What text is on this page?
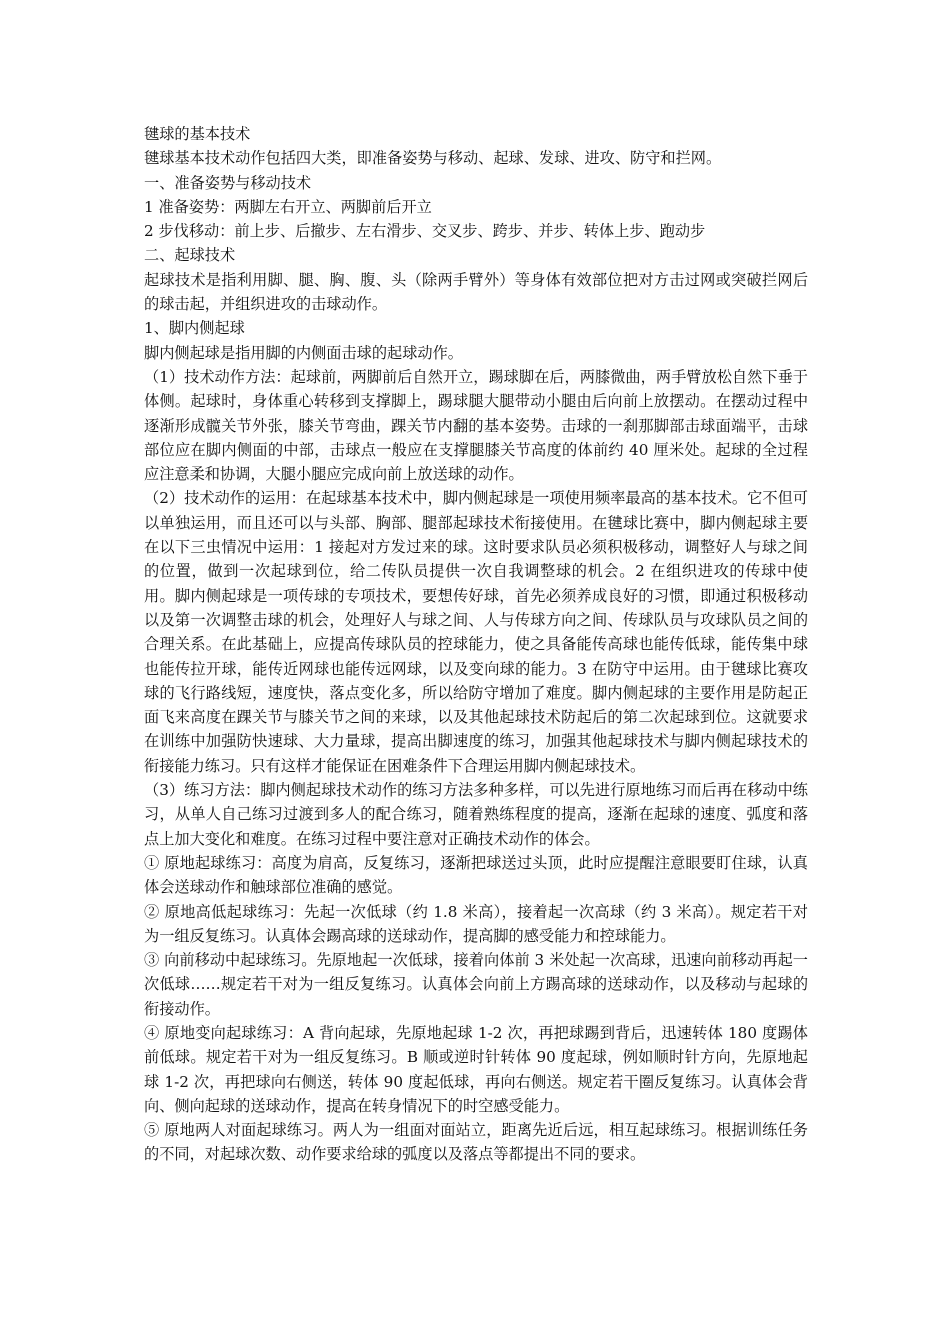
毽球的基本技术

毽球基本技术动作包括四大类，即准备姿势与移动、起球、发球、进攻、防守和拦网。

一、准备姿势与移动技术

1 准备姿势：两脚左右开立、两脚前后开立

2 步伐移动：前上步、后撤步、左右滑步、交叉步、跨步、并步、转体上步、跑动步

二、起球技术

起球技术是指利用脚、腿、胸、腹、头（除两手臂外）等身体有效部位把对方击过网或突破拦网后的球击起，并组织进攻的击球动作。

1、脚内侧起球

脚内侧起球是指用脚的内侧面击球的起球动作。

（1）技术动作方法：起球前，两脚前后自然开立，踢球脚在后，两膝微曲，两手臂放松自然下垂于体侧。起球时，身体重心转移到支撑脚上，踢球腿大腿带动小腿由后向前上放摆动。在摆动过程中逐渐形成髋关节外张，膝关节弯曲，踝关节内翻的基本姿势。击球的一刹那脚部击球面端平，击球部位应在脚内侧面的中部，击球点一般应在支撑腿膝关节高度的体前约 40 厘米处。起球的全过程应注意柔和协调，大腿小腿应完成向前上放送球的动作。

（2）技术动作的运用：在起球基本技术中，脚内侧起球是一项使用频率最高的基本技术。它不但可以单独运用，而且还可以与头部、胸部、腿部起球技术衔接使用。在毽球比赛中，脚内侧起球主要在以下三虫情况中运用：1 接起对方发过来的球。这时要求队员必须积极移动，调整好人与球之间的位置，做到一次起球到位，给二传队员提供一次自我调整球的机会。2 在组织进攻的传球中使用。脚内侧起球是一项传球的专项技术，要想传好球，首先必须养成良好的习惯，即通过积极移动以及第一次调整击球的机会，处理好人与球之间、人与传球方向之间、传球队员与攻球队员之间的合理关系。在此基础上，应提高传球队员的控球能力，使之具备能传高球也能传低球，能传集中球也能传拉开球，能传近网球也能传远网球，以及变向球的能力。3 在防守中运用。由于毽球比赛攻球的飞行路线短，速度快，落点变化多，所以给防守增加了难度。脚内侧起球的主要作用是防起正面飞来高度在踝关节与膝关节之间的来球，以及其他起球技术防起后的第二次起球到位。这就要求在训练中加强防快速球、大力量球，提高出脚速度的练习，加强其他起球技术与脚内侧起球技术的衔接能力练习。只有这样才能保证在困难条件下合理运用脚内侧起球技术。

（3）练习方法：脚内侧起球技术动作的练习方法多种多样，可以先进行原地练习而后再在移动中练习，从单人自己练习过渡到多人的配合练习，随着熟练程度的提高，逐渐在起球的速度、弧度和落点上加大变化和难度。在练习过程中要注意对正确技术动作的体会。

① 原地起球练习：高度为肩高，反复练习，逐渐把球送过头顶，此时应提醒注意眼要盯住球，认真体会送球动作和触球部位准确的感觉。

② 原地高低起球练习：先起一次低球（约 1.8 米高），接着起一次高球（约 3 米高）。规定若干对为一组反复练习。认真体会踢高球的送球动作，提高脚的感受能力和控球能力。

③ 向前移动中起球练习。先原地起一次低球，接着向体前 3 米处起一次高球，迅速向前移动再起一次低球……规定若干对为一组反复练习。认真体会向前上方踢高球的送球动作，以及移动与起球的衔接动作。

④ 原地变向起球练习：A 背向起球，先原地起球 1-2 次，再把球踢到背后，迅速转体 180 度踢体前低球。规定若干对为一组反复练习。B 顺或逆时针转体 90 度起球，例如顺时针方向，先原地起球 1-2 次，再把球向右侧送，转体 90 度起低球，再向右侧送。规定若干圈反复练习。认真体会背向、侧向起球的送球动作，提高在转身情况下的时空感受能力。

⑤ 原地两人对面起球练习。两人为一组面对面站立，距离先近后远，相互起球练习。根据训练任务的不同，对起球次数、动作要求给球的弧度以及落点等都提出不同的要求。
